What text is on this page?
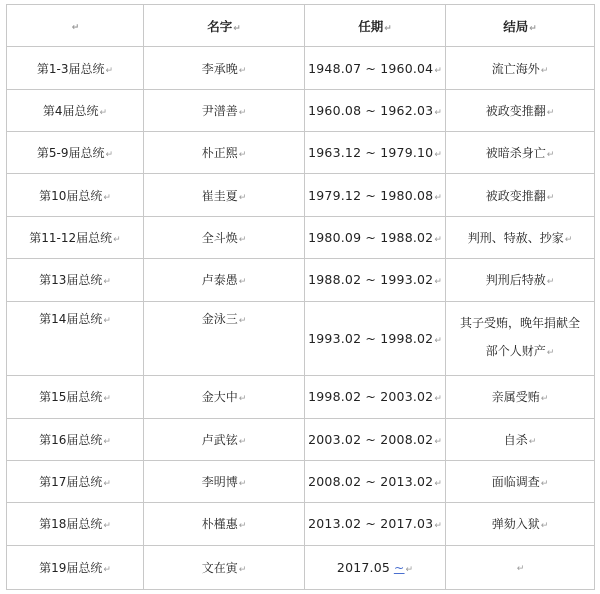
↵	名字↵	任期↵	结局↵
第1-3届总统↵	李承晚↵	1948.07 ~ 1960.04↵	流亡海外↵
第4届总统↵	尹潽善↵	1960.08 ~ 1962.03↵	被政变推翻↵
第5-9届总统↵	朴正熙↵	1963.12 ~ 1979.10↵	被暗杀身亡↵
第10届总统↵	崔圭夏↵	1979.12 ~ 1980.08↵	被政变推翻↵
第11-12届总统↵	全斗焕↵	1980.09 ~ 1988.02↵	判刑、特赦、抄家↵
第13届总统↵	卢泰愚↵	1988.02 ~ 1993.02↵	判刑后特赦↵

第14届总统↵	金泳三↵	1993.02 ~ 1998.02↵	其子受贿，晚年捐献全
部个人财产↵

第15届总统↵	金大中↵	1998.02 ~ 2003.02↵	亲属受贿↵
第16届总统↵	卢武铉↵	2003.02 ~ 2008.02↵	自杀↵
第17届总统↵	李明博↵	2008.02 ~ 2013.02↵	面临调查↵
第18届总统↵	朴槿惠↵	2013.02 ~ 2017.03↵	弹劾入狱↵
第19届总统↵	文在寅↵	2017.05 ~↵	↵
